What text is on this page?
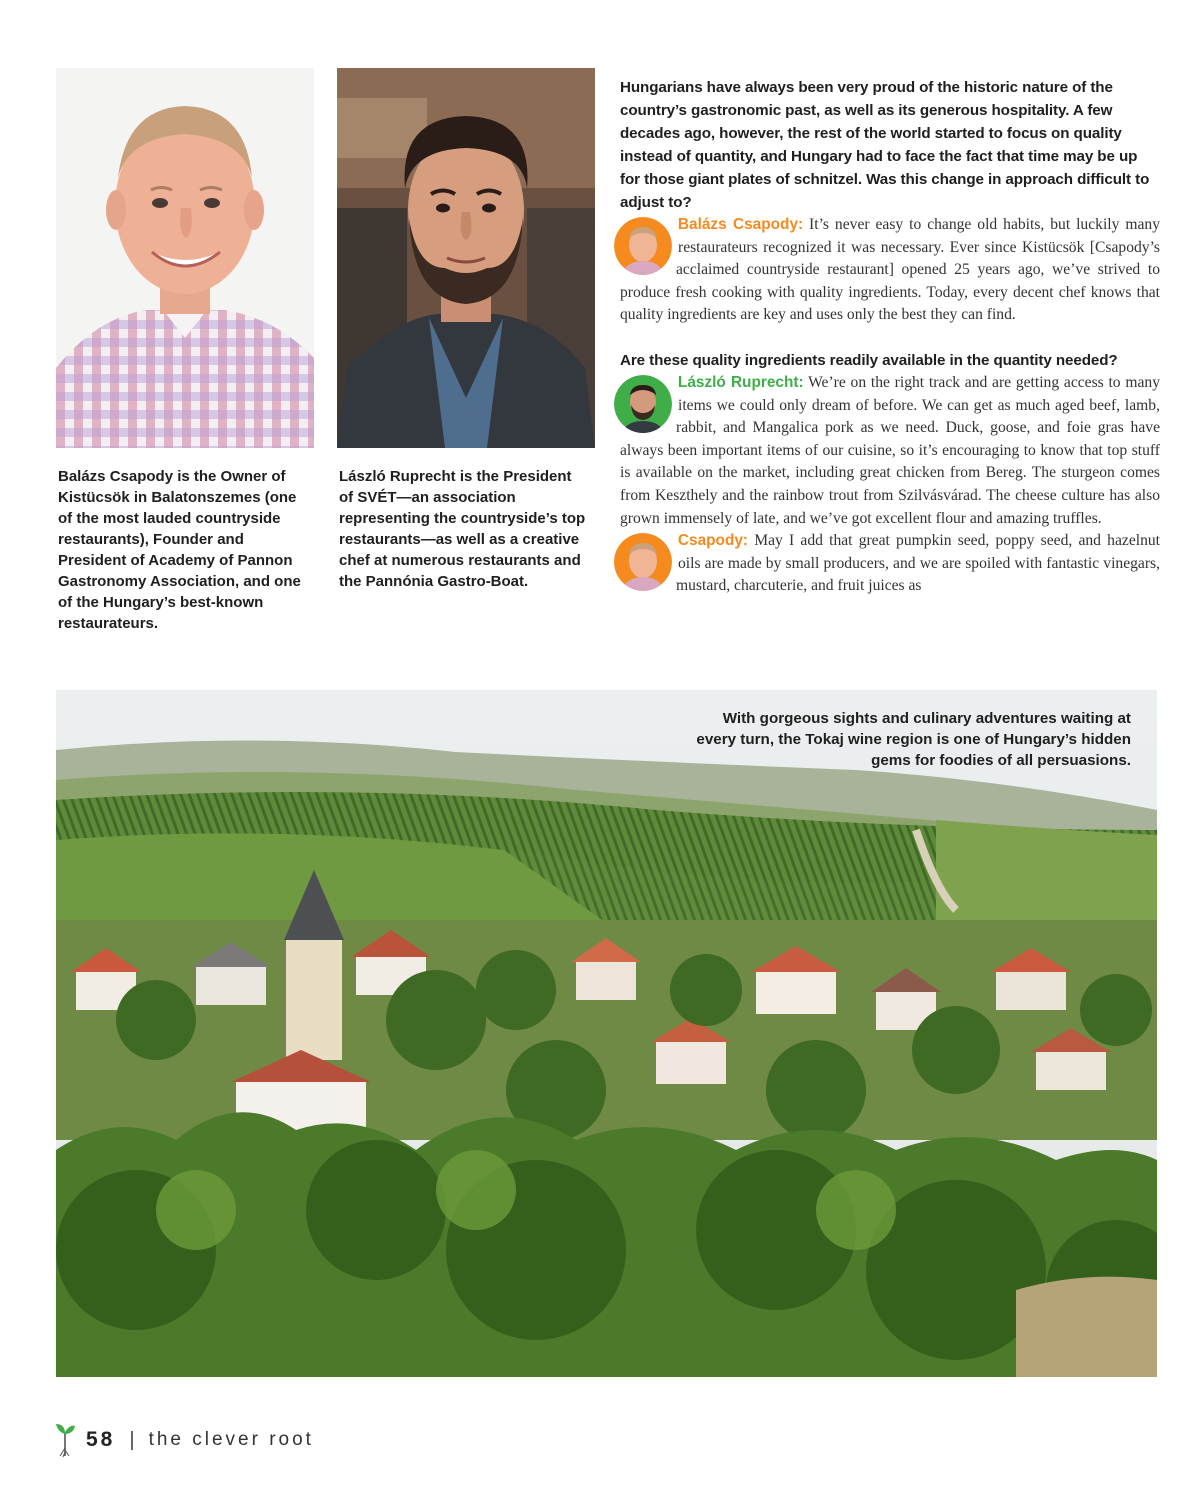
Balázs Csapody is the Owner of Kistücsök in Balatonszemes (one of the most lauded countryside restaurants), Founder and President of Academy of Pannon Gastronomy Association, and one of the Hungary’s best-known restaurateurs.
László Ruprecht is the President of SVÉT—an association representing the countryside’s top restaurants—as well as a creative chef at numerous restaurants and the Pannónia Gastro-Boat.

Hungarians have always been very proud of the historic nature of the country’s gastronomic past, as well as its generous hospitality. A few decades ago, however, the rest of the world started to focus on quality instead of quantity, and Hungary had to face the fact that time may be up for those giant plates of schnitzel. Was this change in approach difficult to adjust to?

Balázs Csapody: It’s never easy to change old habits, but luckily many restaurateurs recognized it was necessary. Ever since Kistücsök [Csapody’s acclaimed countryside restaurant] opened 25 years ago, we’ve strived to produce fresh cooking with quality ingredients. Today, every decent chef knows that quality ingredients are key and uses only the best they can find.

Are these quality ingredients readily available in the quantity needed?

László Ruprecht: We’re on the right track and are getting access to many items we could only dream of before. We can get as much aged beef, lamb, rabbit, and Mangalica pork as we need. Duck, goose, and foie gras have always been important items of our cuisine, so it’s encouraging to know that top stuff is available on the market, including great chicken from Bereg. The sturgeon comes from Keszthely and the rainbow trout from Szilvásvárad. The cheese culture has also grown immensely of late, and we’ve got excellent flour and amazing truffles.

Csapody: May I add that great pumpkin seed, poppy seed, and hazelnut oils are made by small producers, and we are spoiled with fantastic vinegars, mustard, charcuterie, and fruit juices as

With gorgeous sights and culinary adventures waiting at every turn, the Tokaj wine region is one of Hungary’s hidden gems for foodies of all persuasions.
58 | the clever root
